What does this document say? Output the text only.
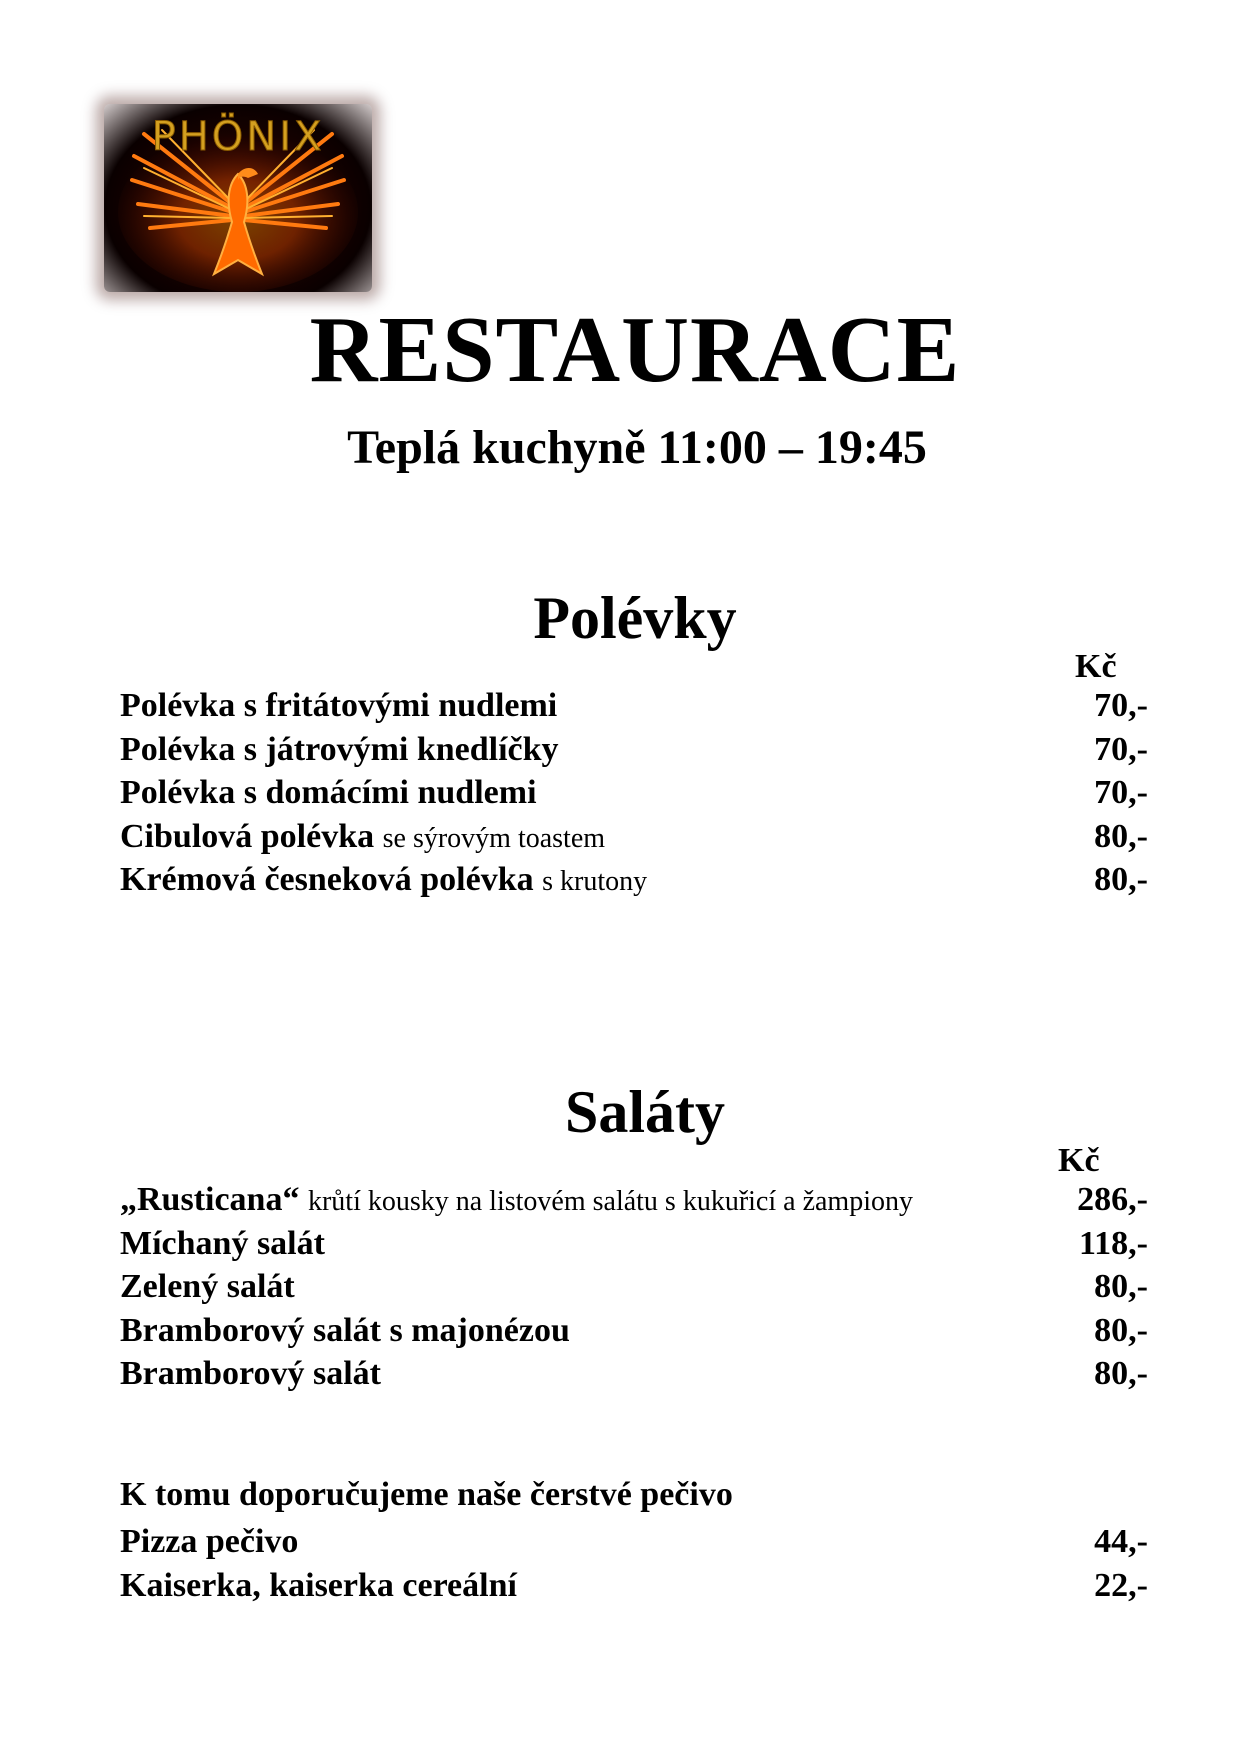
PHÖNIX
RESTAURACE

Teplá kuchyně 11:00 – 19:45

Polévky
Kč
Polévka s fritátovými nudlemi	70,-
Polévka s játrovými knedlíčky	70,-
Polévka s domácími nudlemi	70,-
Cibulová polévka se sýrovým toastem	80,-
Krémová česneková polévka s krutony	80,-
Saláty
Kč
„Rusticana“ krůtí kousky na listovém salátu s kukuřicí a žampiony	286,-
Míchaný salát	118,-
Zelený salát	80,-
Bramborový salát s majonézou	80,-
Bramborový salát	80,-

K tomu doporučujeme naše čerstvé pečivo

Pizza pečivo	44,-
Kaiserka, kaiserka cereální	22,-
